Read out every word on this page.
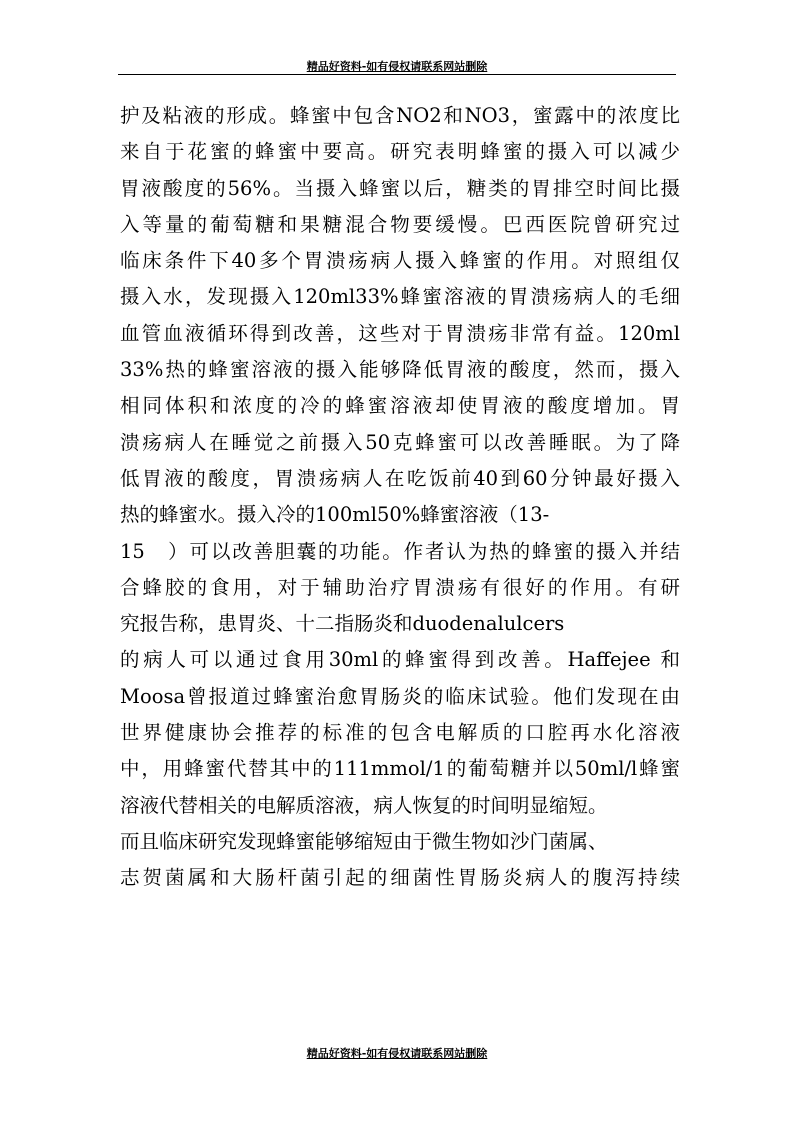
精品好资料-如有侵权请联系网站删除
护及粘液的形成。蜂蜜中包含NO2和NO3，蜜露中的浓度比
来自于花蜜的蜂蜜中要高。研究表明蜂蜜的摄入可以减少
胃液酸度的56%。当摄入蜂蜜以后，糖类的胃排空时间比摄
入等量的葡萄糖和果糖混合物要缓慢。巴西医院曾研究过
临床条件下40多个胃溃疡病人摄入蜂蜜的作用。对照组仅
摄入水，发现摄入120ml33%蜂蜜溶液的胃溃疡病人的毛细
血管血液循环得到改善，这些对于胃溃疡非常有益。120ml
33%热的蜂蜜溶液的摄入能够降低胃液的酸度，然而，摄入
相同体积和浓度的冷的蜂蜜溶液却使胃液的酸度增加。胃
溃疡病人在睡觉之前摄入50克蜂蜜可以改善睡眠。为了降
低胃液的酸度，胃溃疡病人在吃饭前40到60分钟最好摄入
热的蜂蜜水。摄入冷的100ml50%蜂蜜溶液（13-
15　）可以改善胆囊的功能。作者认为热的蜂蜜的摄入并结
合蜂胶的食用，对于辅助治疗胃溃疡有很好的作用。有研
究报告称，患胃炎、十二指肠炎和duodenalulcers
的病人可以通过食用30ml的蜂蜜得到改善。Haffejee 和
Moosa曾报道过蜂蜜治愈胃肠炎的临床试验。他们发现在由
世界健康协会推荐的标准的包含电解质的口腔再水化溶液
中，用蜂蜜代替其中的111mmol/1的葡萄糖并以50ml/l蜂蜜
溶液代替相关的电解质溶液，病人恢复的时间明显缩短。
而且临床研究发现蜂蜜能够缩短由于微生物如沙门菌属、
志贺菌属和大肠杆菌引起的细菌性胃肠炎病人的腹泻持续
精品好资料-如有侵权请联系网站删除
